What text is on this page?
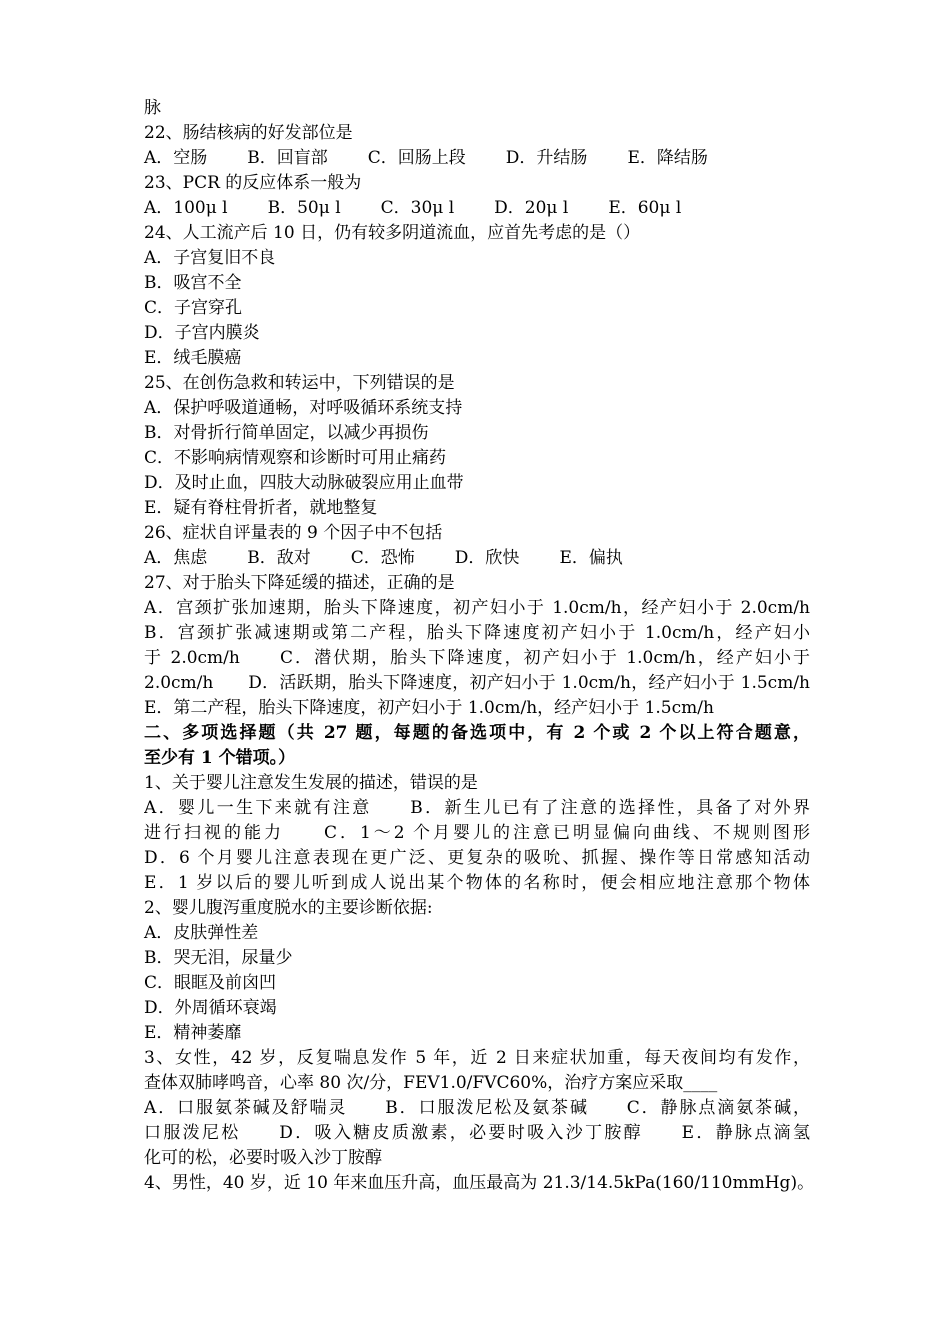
脉
22、肠结核病的好发部位是
A．空肠 B．回盲部 C．回肠上段 D．升结肠 E．降结肠
23、PCR 的反应体系一般为
A．100μ l B．50μ l C．30μ l D．20μ l E．60μ l
24、人工流产后 10 日，仍有较多阴道流血，应首先考虑的是（）
A．子宫复旧不良
B．吸宫不全
C．子宫穿孔
D．子宫内膜炎
E．绒毛膜癌
25、在创伤急救和转运中，下列错误的是
A．保护呼吸道通畅，对呼吸循环系统支持
B．对骨折行简单固定，以减少再损伤
C．不影响病情观察和诊断时可用止痛药
D．及时止血，四肢大动脉破裂应用止血带
E．疑有脊柱骨折者，就地整复
26、症状自评量表的 9 个因子中不包括
A．焦虑 B．敌对 C．恐怖 D．欣快 E．偏执
27、对于胎头下降延缓的描述，正确的是
A．宫颈扩张加速期，胎头下降速度，初产妇小于 1.0cm/h，经产妇小于 2.0cm/h
B．宫颈扩张减速期或第二产程，胎头下降速度初产妇小于 1.0cm/h，经产妇小
于 2.0cm/h　　C．潜伏期，胎头下降速度，初产妇小于 1.0cm/h，经产妇小于
2.0cm/h　　D．活跃期，胎头下降速度，初产妇小于 1.0cm/h，经产妇小于 1.5cm/h
E．第二产程，胎头下降速度，初产妇小于 1.0cm/h，经产妇小于 1.5cm/h
二、多项选择题（共 27 题，每题的备选项中，有 2 个或 2 个以上符合题意，
至少有 1 个错项。）
1、关于婴儿注意发生发展的描述，错误的是
A．婴儿一生下来就有注意　　B．新生儿已有了注意的选择性，具备了对外界
进行扫视的能力　　C．1～2 个月婴儿的注意已明显偏向曲线、不规则图形
D．6 个月婴儿注意表现在更广泛、更复杂的吸吮、抓握、操作等日常感知活动
E．1 岁以后的婴儿听到成人说出某个物体的名称时，便会相应地注意那个物体
2、婴儿腹泻重度脱水的主要诊断依据:
A．皮肤弹性差
B．哭无泪，尿量少
C．眼眶及前囟凹
D．外周循环衰竭
E．精神萎靡
3、女性，42 岁，反复喘息发作 5 年，近 2 日来症状加重，每天夜间均有发作，
查体双肺哮鸣音，心率 80 次/分，FEV1.0/FVC60%，治疗方案应采取____
A．口服氨茶碱及舒喘灵　　B．口服泼尼松及氨茶碱　　C．静脉点滴氨茶碱，
口服泼尼松　　D．吸入糖皮质激素，必要时吸入沙丁胺醇　　E．静脉点滴氢
化可的松，必要时吸入沙丁胺醇
4、男性，40 岁，近 10 年来血压升高，血压最高为 21.3/14.5kPa(160/110mmHg)。
